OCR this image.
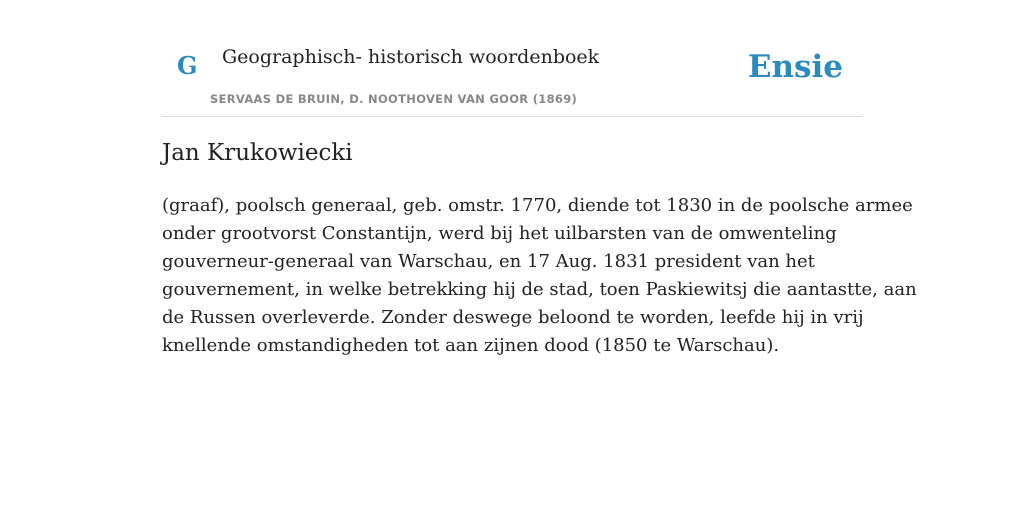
G Geographisch- historisch woordenboek
SERVAAS DE BRUIN, D. NOOTHOVEN VAN GOOR (1869)
Ensie
Jan Krukowiecki

(graaf), poolsch generaal, geb. omstr. 1770, diende tot 1830 in de poolsche armee
onder grootvorst Constantijn, werd bij het uilbarsten van de omwenteling
gouverneur-generaal van Warschau, en 17 Aug. 1831 president van het
gouvernement, in welke betrekking hij de stad, toen Paskiewitsj die aantastte, aan
de Russen overleverde. Zonder deswege beloond te worden, leefde hij in vrij
knellende omstandigheden tot aan zijnen dood (1850 te Warschau).
